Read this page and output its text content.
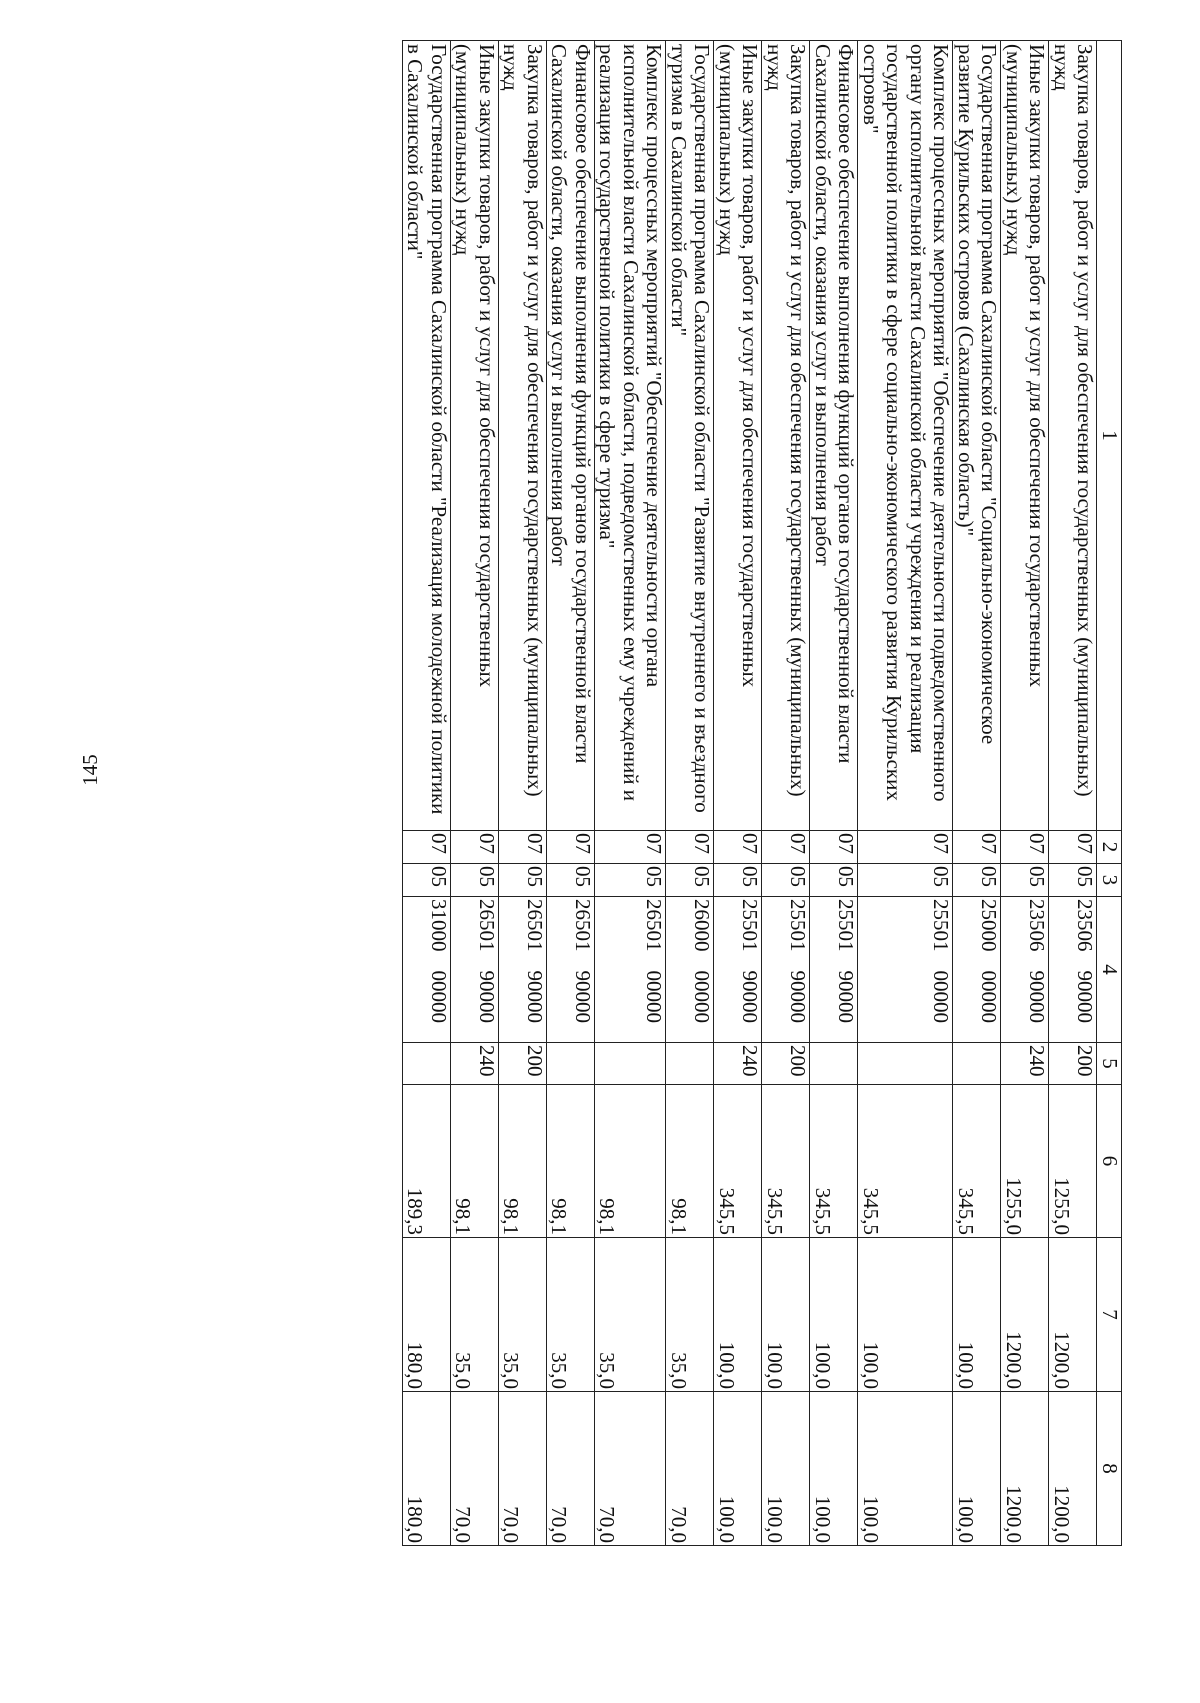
145
1	2	3	4		5	6	7	8
Закупка товаров, работ и услуг для обеспечения государственных (муниципальных) нужд	07	05	23506	90000	200	1255,0	1200,0	1200,0
Иные закупки товаров, работ и услуг для обеспечения государственных (муниципальных) нужд	07	05	23506	90000	240	1255,0	1200,0	1200,0
Государственная программа Сахалинской области "Социально-экономическое развитие Курильских островов (Сахалинская область)"	07	05	25000	00000		345,5	100,0	100,0
Комплекс процессных мероприятий "Обеспечение деятельности подведомственного органу исполнительной власти Сахалинской области учреждения и реализация государственной политики в сфере социально-экономического развития Курильских островов"	07	05	25501	00000		345,5	100,0	100,0
Финансовое обеспечение выполнения функций органов государственной власти Сахалинской области, оказания услуг и выполнения работ	07	05	25501	90000		345,5	100,0	100,0
Закупка товаров, работ и услуг для обеспечения государственных (муниципальных) нужд	07	05	25501	90000	200	345,5	100,0	100,0
Иные закупки товаров, работ и услуг для обеспечения государственных (муниципальных) нужд	07	05	25501	90000	240	345,5	100,0	100,0
Государственная программа Сахалинской области "Развитие внутреннего и въездного туризма в Сахалинской области"	07	05	26000	00000		98,1	35,0	70,0
Комплекс процессных мероприятий "Обеспечение деятельности органа исполнительной власти Сахалинской области, подведомственных ему учреждений и реализация государственной политики в сфере туризма"	07	05	26501	00000		98,1	35,0	70,0
Финансовое обеспечение выполнения функций органов государственной власти Сахалинской области, оказания услуг и выполнения работ	07	05	26501	90000		98,1	35,0	70,0
Закупка товаров, работ и услуг для обеспечения государственных (муниципальных) нужд	07	05	26501	90000	200	98,1	35,0	70,0
Иные закупки товаров, работ и услуг для обеспечения государственных (муниципальных) нужд	07	05	26501	90000	240	98,1	35,0	70,0
Государственная программа Сахалинской области "Реализация молодежной политики в Сахалинской области"	07	05	31000	00000		189,3	180,0	180,0
